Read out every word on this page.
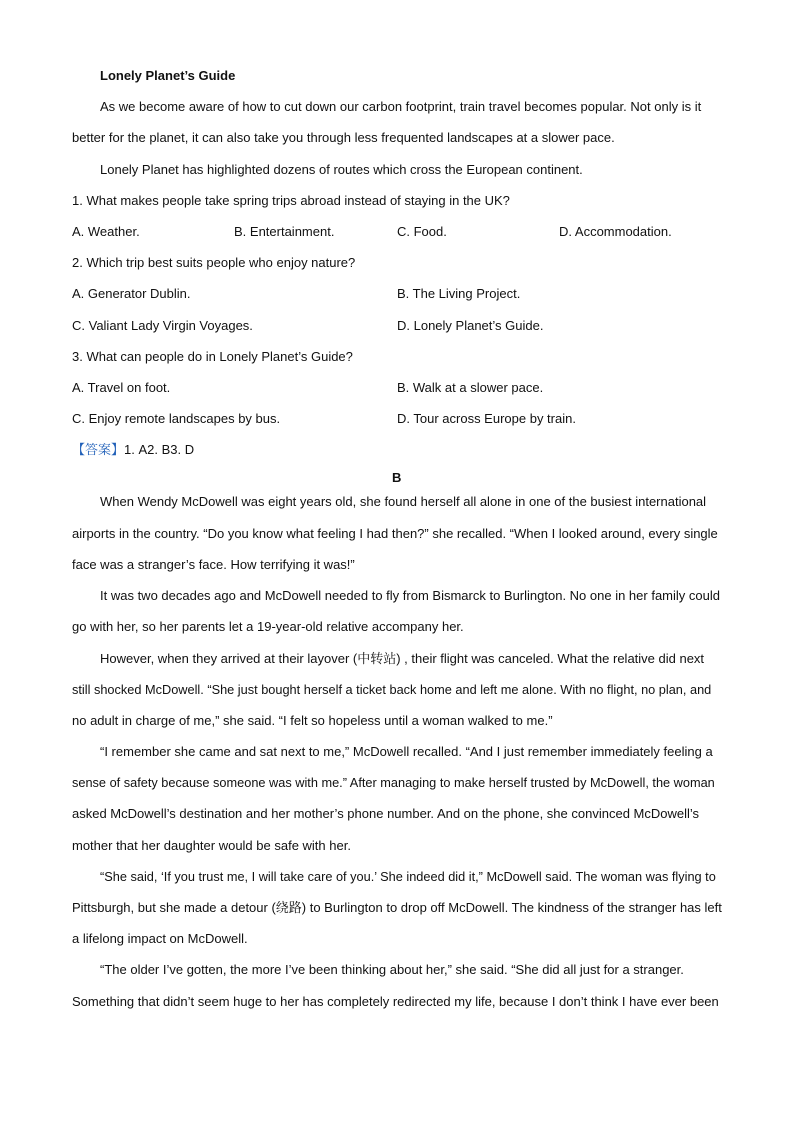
Lonely Planet’s Guide
As we become aware of how to cut down our carbon footprint, train travel becomes popular. Not only is it
better for the planet, it can also take you through less frequented landscapes at a slower pace.
Lonely Planet has highlighted dozens of routes which cross the European continent.
1. What makes people take spring trips abroad instead of staying in the UK?
A. Weather.	B. Entertainment.	C. Food.	D. Accommodation.
2. Which trip best suits people who enjoy nature?
A. Generator Dublin.	B. The Living Project.
C. Valiant Lady Virgin Voyages.	D. Lonely Planet’s Guide.
3. What can people do in Lonely Planet’s Guide?
A. Travel on foot.	B. Walk at a slower pace.
C. Enjoy remote landscapes by bus.	D. Tour across Europe by train.
【答案】1. A2. B3. D
B
When Wendy McDowell was eight years old, she found herself all alone in one of the busiest international
airports in the country. “Do you know what feeling I had then?” she recalled. “When I looked around, every single
face was a stranger’s face. How terrifying it was!”
It was two decades ago and McDowell needed to fly from Bismarck to Burlington. No one in her family could
go with her, so her parents let a 19-year-old relative accompany her.
However, when they arrived at their layover (中转站) , their flight was canceled. What the relative did next
still shocked McDowell. “She just bought herself a ticket back home and left me alone. With no flight, no plan, and
no adult in charge of me,” she said. “I felt so hopeless until a woman walked to me.”
“I remember she came and sat next to me,” McDowell recalled. “And I just remember immediately feeling a
sense of safety because someone was with me.” After managing to make herself trusted by McDowell, the woman
asked McDowell’s destination and her mother’s phone number. And on the phone, she convinced McDowell’s
mother that her daughter would be safe with her.
“She said, ‘If you trust me, I will take care of you.’ She indeed did it,” McDowell said. The woman was flying to
Pittsburgh, but she made a detour (绕路) to Burlington to drop off McDowell. The kindness of the stranger has left
a lifelong impact on McDowell.
“The older I’ve gotten, the more I’ve been thinking about her,” she said. “She did all just for a stranger.
Something that didn’t seem huge to her has completely redirected my life, because I don’t think I have ever been
